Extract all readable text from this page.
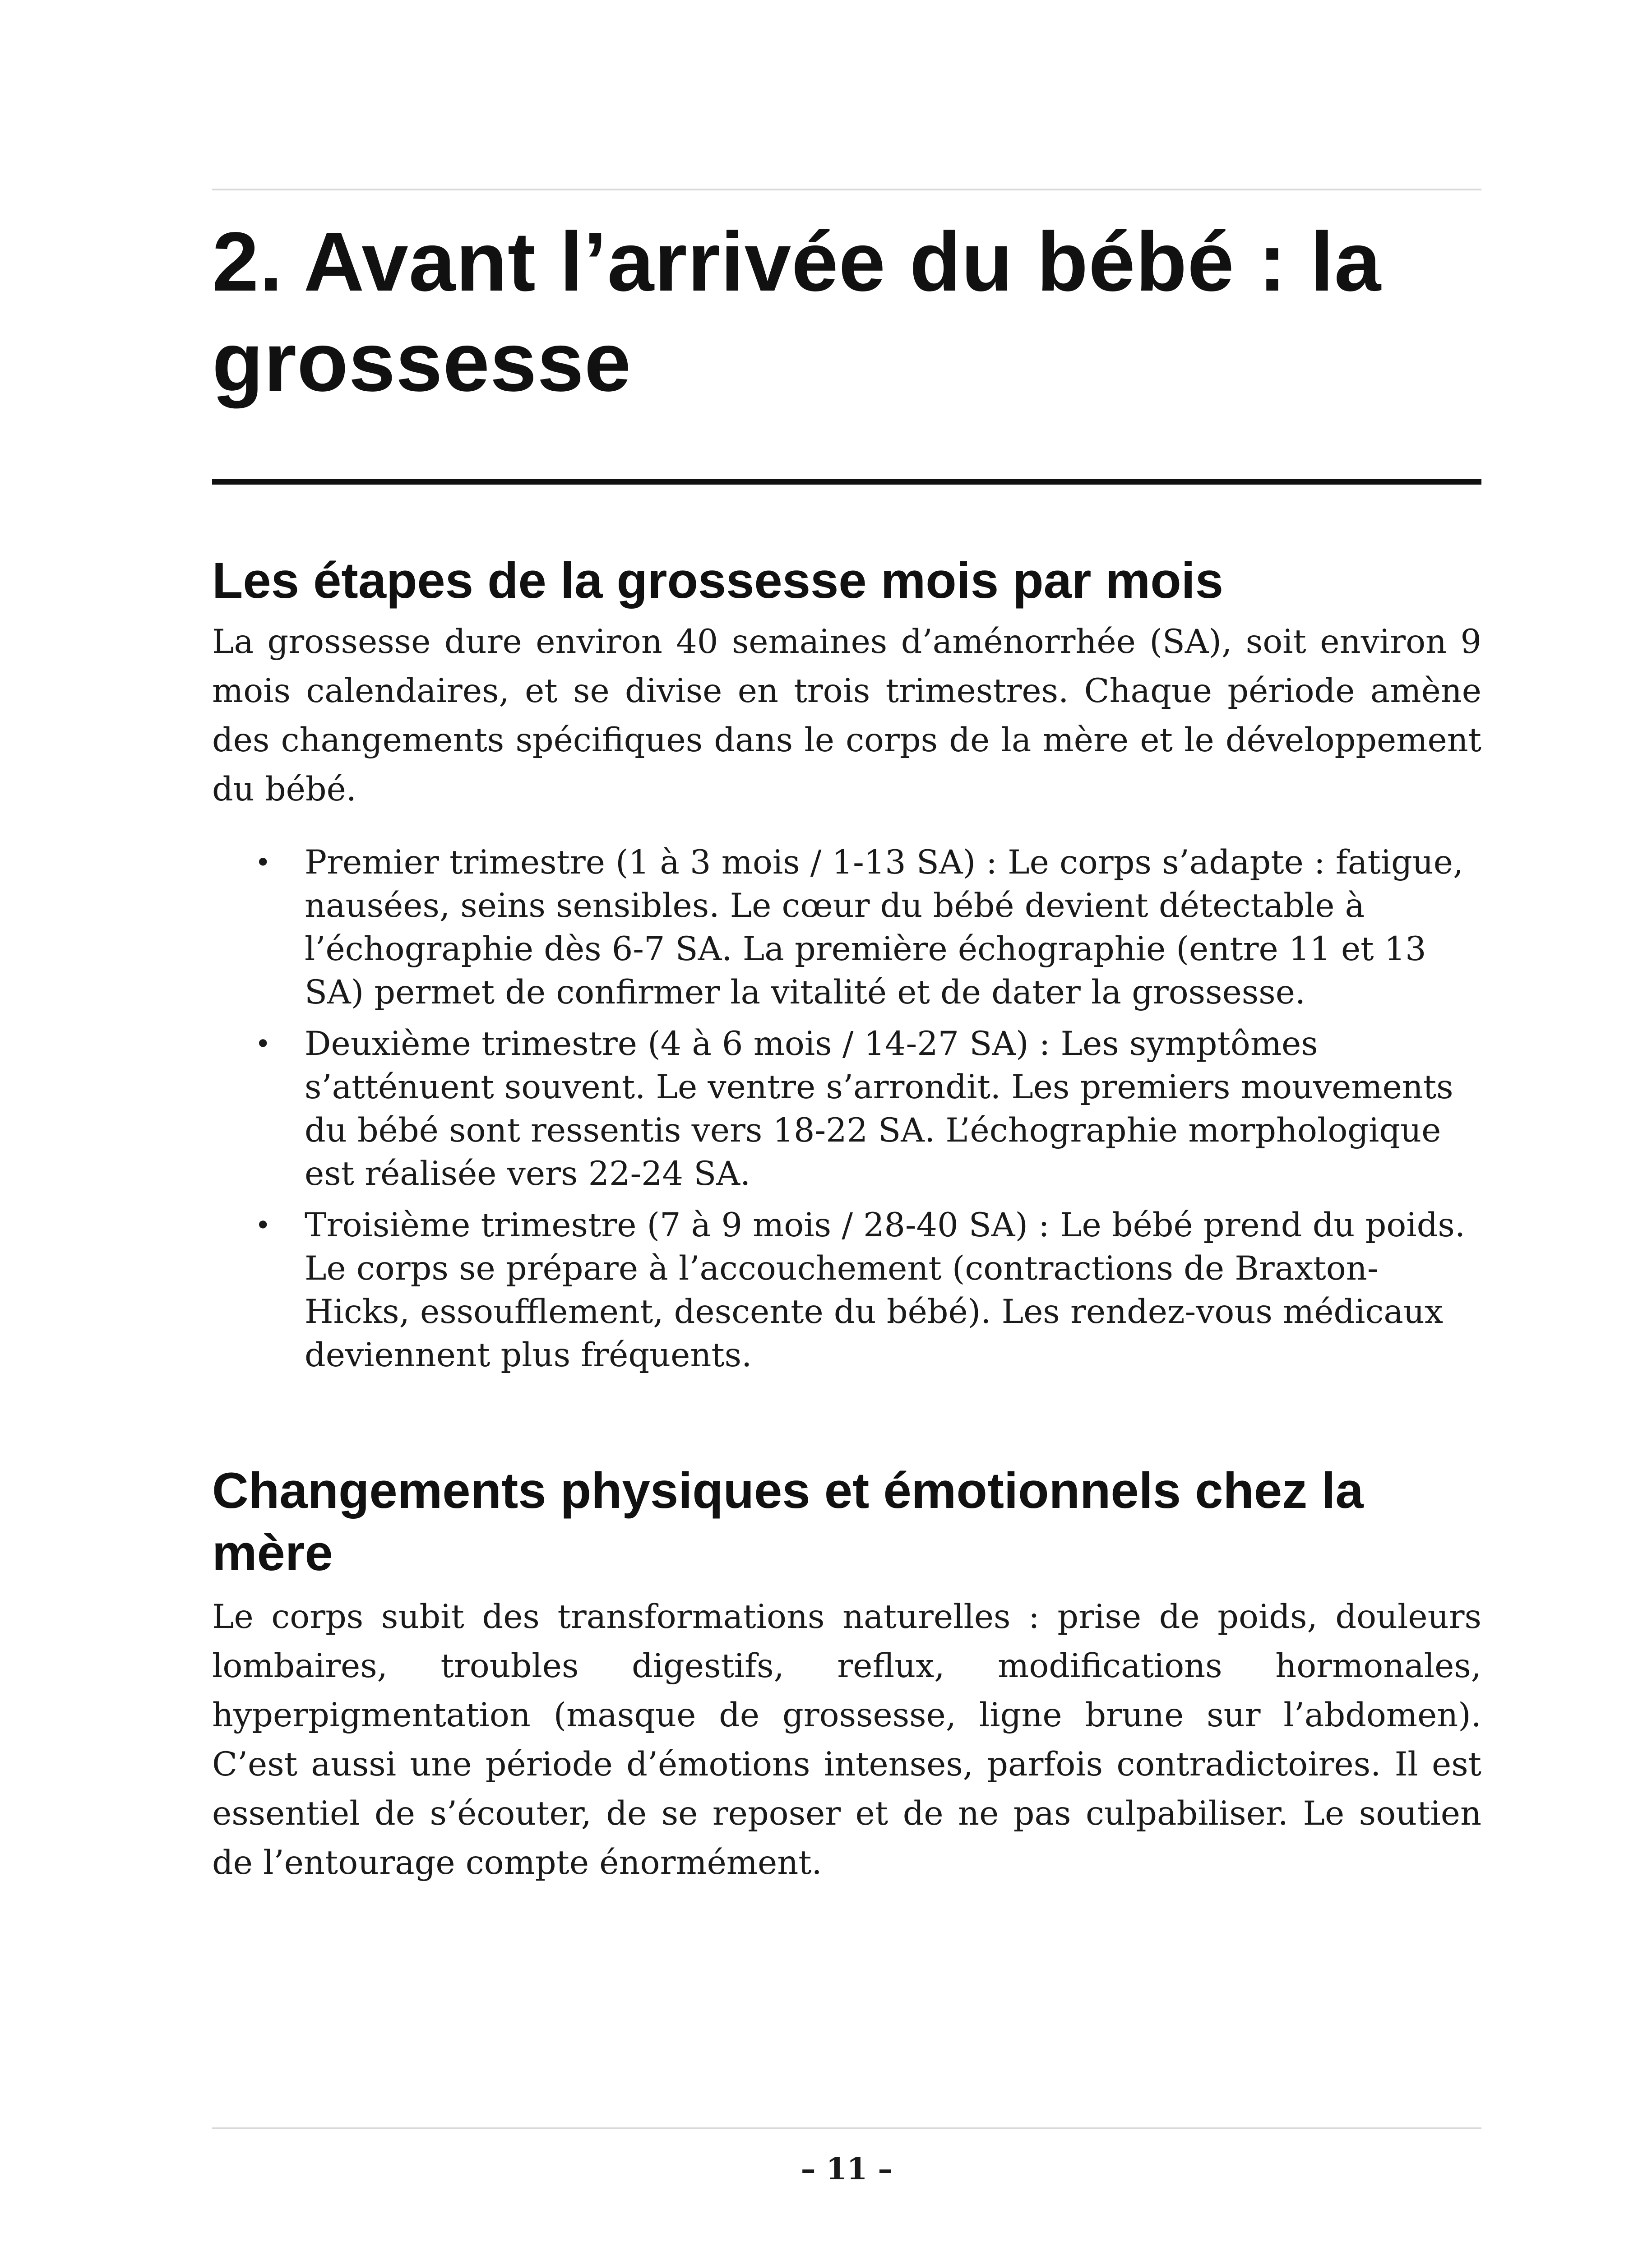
2. Avant l’arrivée du bébé : la grossesse
Les étapes de la grossesse mois par mois

La grossesse dure environ 40 semaines d’aménorrhée (SA), soit environ 9 mois calendaires, et se divise en trois trimestres. Chaque période amène des changements spécifiques dans le corps de la mère et le développement du bébé.

• Premier trimestre (1 à 3 mois / 1-13 SA) : Le corps s’adapte : fatigue, nausées, seins sensibles. Le cœur du bébé devient détectable à l’échographie dès 6-7 SA. La première échographie (entre 11 et 13 SA) permet de confirmer la vitalité et de dater la grossesse.
• Deuxième trimestre (4 à 6 mois / 14-27 SA) : Les symptômes s’atténuent souvent. Le ventre s’arrondit. Les premiers mouvements du bébé sont ressentis vers 18-22 SA. L’échographie morphologique est réalisée vers 22-24 SA.
• Troisième trimestre (7 à 9 mois / 28-40 SA) : Le bébé prend du poids. Le corps se prépare à l’accouchement (contractions de Braxton-Hicks, essoufflement, descente du bébé). Les rendez-vous médicaux deviennent plus fréquents.
Changements physiques et émotionnels chez la mère

Le corps subit des transformations naturelles : prise de poids, douleurs lombaires, troubles digestifs, reflux, modifications hormonales, hyperpigmentation (masque de grossesse, ligne brune sur l’abdomen). C’est aussi une période d’émotions intenses, parfois contradictoires. Il est essentiel de s’écouter, de se reposer et de ne pas culpabiliser. Le soutien de l’entourage compte énormément.

– 11 –
